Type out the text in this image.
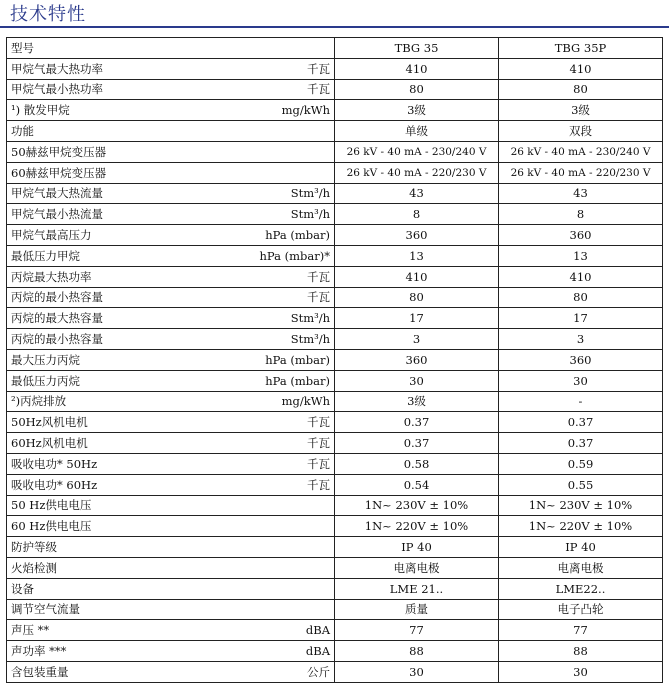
技术特性
型号		TBG 35	TBG 35P
甲烷气最大热功率	千瓦	410	410
甲烷气最小热功率	千瓦	80	80
¹) 散发甲烷	mg/kWh	3级	3级
功能		单级	双段
50赫兹甲烷变压器		26 kV - 40 mA - 230/240 V	26 kV - 40 mA - 230/240 V
60赫兹甲烷变压器		26 kV - 40 mA - 220/230 V	26 kV - 40 mA - 220/230 V
甲烷气最大热流量	Stm³/h	43	43
甲烷气最小热流量	Stm³/h	8	8
甲烷气最高压力	hPa (mbar)	360	360
最低压力甲烷	hPa (mbar)*	13	13
丙烷最大热功率	千瓦	410	410
丙烷的最小热容量	千瓦	80	80
丙烷的最大热容量	Stm³/h	17	17
丙烷的最小热容量	Stm³/h	3	3
最大压力丙烷	hPa (mbar)	360	360
最低压力丙烷	hPa (mbar)	30	30
²)丙烷排放	mg/kWh	3级	-
50Hz风机电机	千瓦	0.37	0.37
60Hz风机电机	千瓦	0.37	0.37
吸收电功* 50Hz	千瓦	0.58	0.59
吸收电功* 60Hz	千瓦	0.54	0.55
50 Hz供电电压		1N~ 230V ± 10%	1N~ 230V ± 10%
60 Hz供电电压		1N~ 220V ± 10%	1N~ 220V ± 10%
防护等级		IP 40	IP 40
火焰检测		电离电极	电离电极
设备		LME 21..	LME22..
调节空气流量		质量	电子凸轮
声压 **	dBA	77	77
声功率 ***	dBA	88	88
含包装重量	公斤	30	30
